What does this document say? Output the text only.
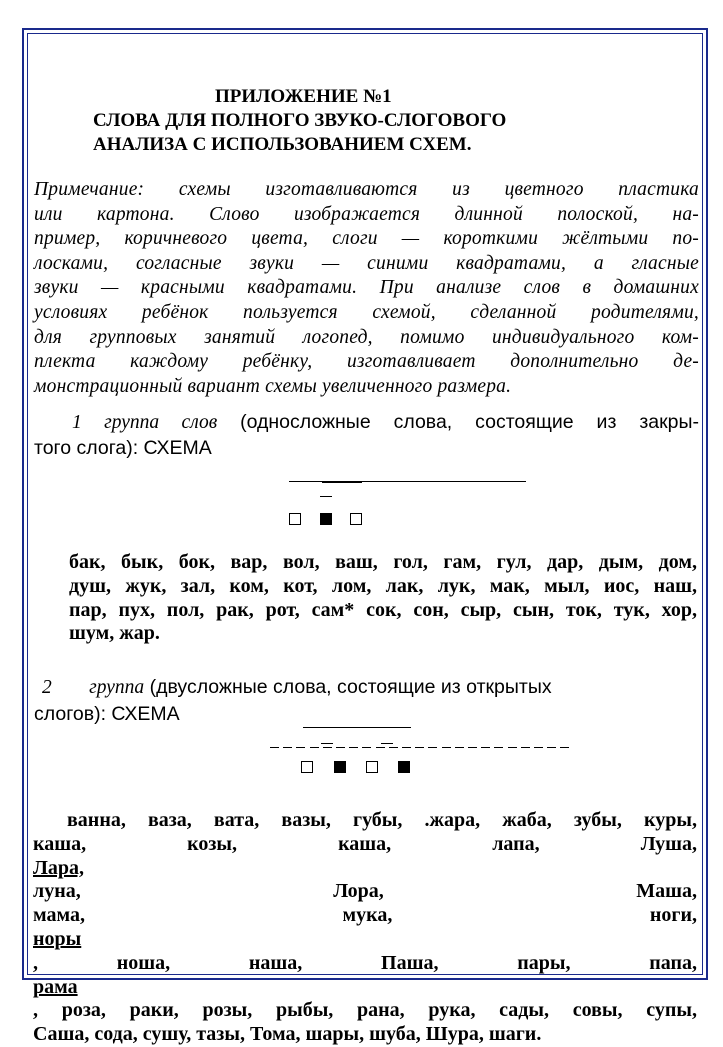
ПРИЛОЖЕНИЕ №1
СЛОВА ДЛЯ ПОЛНОГО ЗВУКО-СЛОГОВОГО
АНАЛИЗА С ИСПОЛЬЗОВАНИЕМ СХЕМ.
Примечание: схемы изготавливаются из цветного пластика
или картона. Слово изображается длинной полоской, на-
пример, коричневого цвета, слоги — короткими жёлтыми по-
лосками, согласные звуки — синими квадратами, а гласные
звуки — красными квадратами. При анализе слов в домашних
условиях ребёнок пользуется схемой, сделанной родителями,
для групповых занятий логопед, помимо индивидуального ком-
плекта каждому ребёнку, изготавливает дополнительно де-
монстрационный вариант схемы увеличенного размера.
1 группа слов (односложные слова, состоящие из закры-
того слога): СХЕМА
бак, бык, бок, вар, вол, ваш, гол, гам, гул, дар, дым, дом,
душ, жук, зал, ком, кот, лом, лак, лук, мак, мыл, иос, наш,
пар, пух, пол, рак, рот, сам* сок, сон, сыр, сын, ток, тук, хор,
шум, жар.
2 группа (двусложные слова, состоящие из открытых
слогов): СХЕМА
ванна, ваза, вата, вазы, губы, .жара, жаба, зубы, куры,
каша, козы, каша, лапа, Луша,
Лара,
луна, Лора, Маша,
мама, мука, ноги,
норы
, ноша, наша, Паша, пары, папа,
рама
, роза, раки, розы, рыбы, рана, рука, сады, совы, супы,
Саша, сода, сушу, тазы, Тома, шары, шуба, Шура, шаги.
